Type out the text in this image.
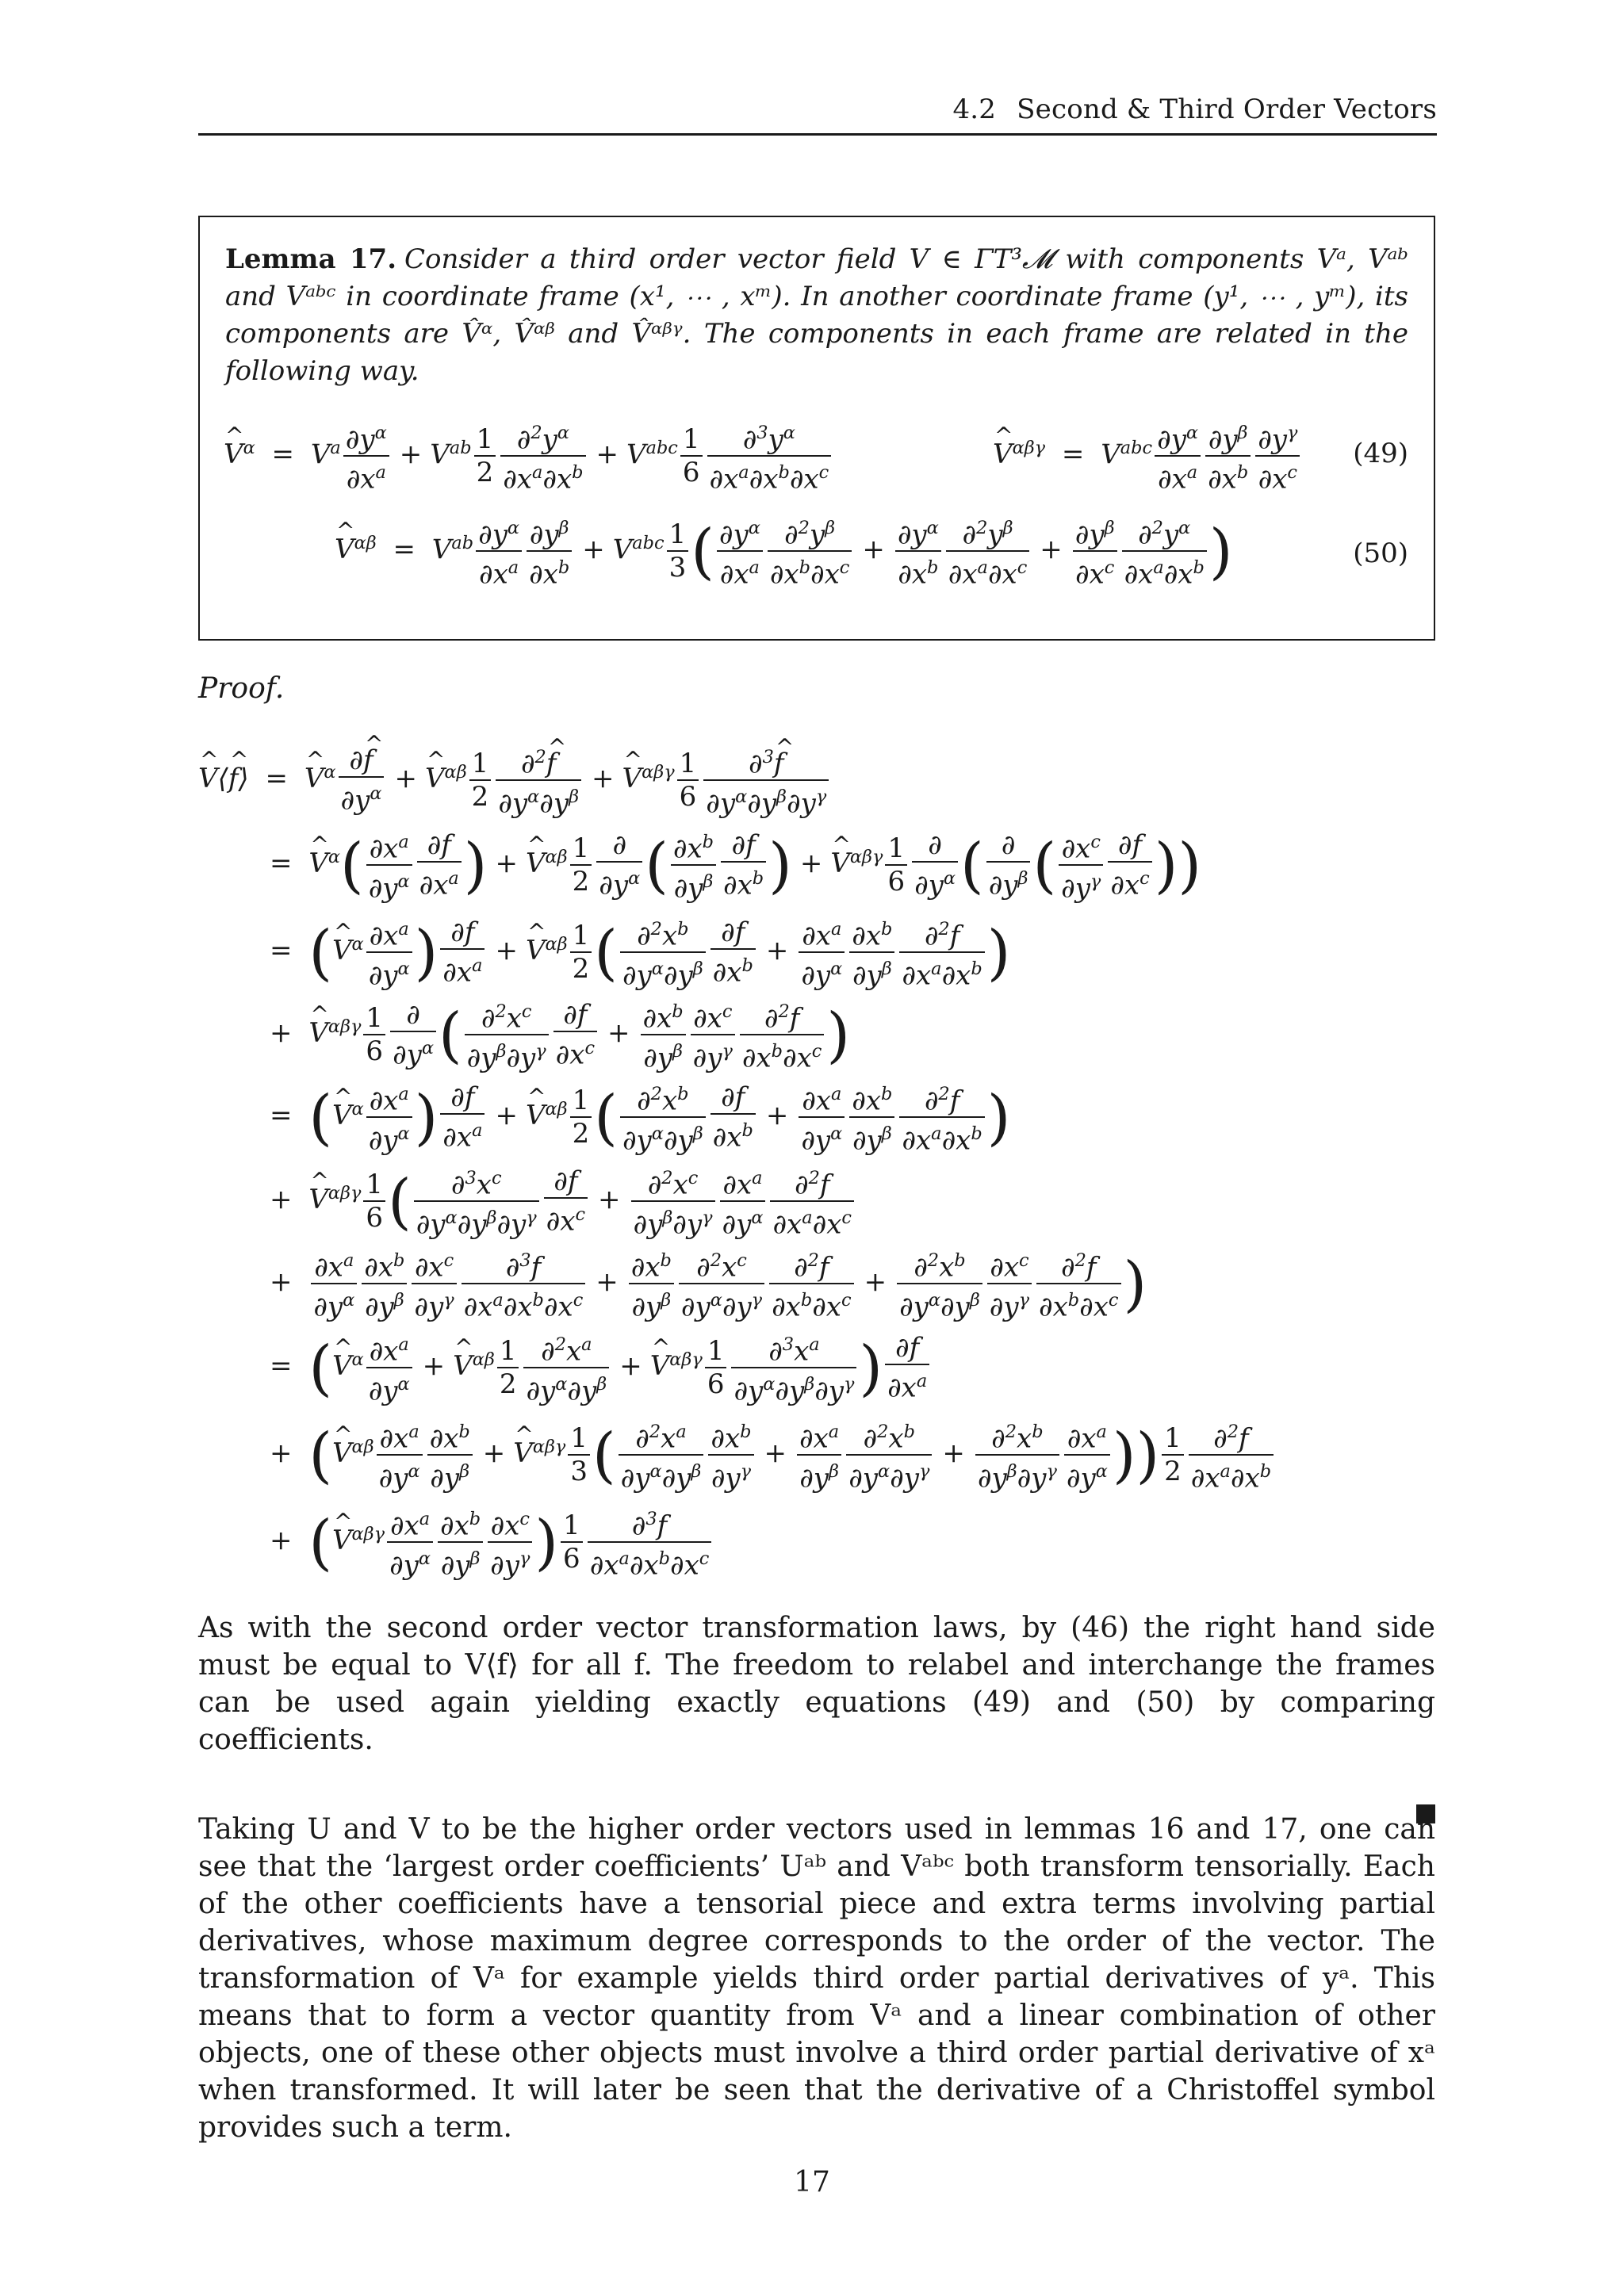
4.2 Second & Third Order Vectors
Lemma 17. Consider a third order vector field V ∈ ΓT³𝓜 with components Vᵃ, Vᵃᵇ and Vᵃᵇᶜ in coordinate frame (x¹, ⋯ , xᵐ). In another coordinate frame (y¹, ⋯ , yᵐ), its components are V̂ᵅ, V̂ᵅᵝ and V̂ᵅᵝᵞ. The components in each frame are related in the following way.
^ $V^\alpha = V^a \frac{\partial y^\alpha}{\partial x^a} + V^{ab} \frac{1}{2} \frac{\partial^2y^\alpha}{\partial x^a\partial x^b} + V^{abc} \frac{1}{6} \frac{\partial^3y^\alpha}{\partial x^a\partial x^b\partial x^c}$	^ $V^{\alpha\beta\gamma} = V^{abc} \frac{\partial y^\alpha}{\partial x^a} \frac{\partial y^\beta}{\partial x^b} \frac{\partial y^\gamma}{\partial x^c} (49)$
^ $V^{\alpha\beta} = V^{ab} \frac{\partial y^\alpha}{\partial x^a} \frac{\partial y^\beta}{\partial x^b} + V^{abc} \frac{1}{3}$ ( $\frac{\partial y^\alpha}{\partial x^a} \frac{\partial^2y^\beta}{\partial x^b\partial x^c} + \frac{\partial y^\alpha}{\partial x^b} \frac{\partial^2y^\beta}{\partial x^a\partial x^c} + \frac{\partial y^\beta}{\partial x^c} \frac{\partial^2y^\alpha}{\partial x^a\partial x^b}$ )	(50)
Proof.
^ V⟨^ f⟩ = ^ $V^\alpha \frac{\partial\^{} f}{\partial y^\alpha}$ + ^ $V^{\alpha\beta} \frac{1}{2} \frac{\partial^2\^{} f}{\partial y^\alpha\partial y^\beta}$ + ^ $V^{\alpha\beta\gamma} \frac{1}{6} \frac{\partial^3\^{} f}{\partial y^\alpha\partial y^\beta\partial y^\gamma}$
= ^ $V^\alpha( \frac{\partial x^a}{\partial y^\alpha} \frac{\partial f}{\partial x^a}$ ) + ^ $V^{\alpha\beta} \frac{1}{2} \frac{\partial}{\partial y^\alpha}$ ( $\frac{\partial x^b}{\partial y^\beta} \frac{\partial f}{\partial x^b}$ ) + ^ $V^{\alpha\beta\gamma} \frac{1}{6} \frac{\partial}{\partial y^\alpha}$ ( $\frac{\partial}{\partial y^\beta}$ ( $\frac{\partial x^c}{\partial y^\gamma} \frac{\partial f}{\partial x^c}$ ))
= (^ $V^\alpha \frac{\partial x^a}{\partial y^\alpha}$ ) $\frac{\partial f}{\partial x^a}$ + ^ $V^{\alpha\beta} \frac{1}{2}$ ( $\frac{\partial^2x^b}{\partial y^\alpha\partial y^\beta} \frac{\partial f}{\partial x^b} + \frac{\partial x^a}{\partial y^\alpha} \frac{\partial x^b}{\partial y^\beta} \frac{\partial^2f}{\partial x^a\partial x^b}$ )
+ ^ $V^{\alpha\beta\gamma} \frac{1}{6} \frac{\partial}{\partial y^\alpha}$ ( $\frac{\partial^2x^c}{\partial y^\beta\partial y^\gamma} \frac{\partial f}{\partial x^c} + \frac{\partial x^b}{\partial y^\beta} \frac{\partial x^c}{\partial y^\gamma} \frac{\partial^2f}{\partial x^b\partial x^c}$ )
= (^ $V^\alpha \frac{\partial x^a}{\partial y^\alpha}$ ) $\frac{\partial f}{\partial x^a}$ + ^ $V^{\alpha\beta} \frac{1}{2}$ ( $\frac{\partial^2x^b}{\partial y^\alpha\partial y^\beta} \frac{\partial f}{\partial x^b} + \frac{\partial x^a}{\partial y^\alpha} \frac{\partial x^b}{\partial y^\beta} \frac{\partial^2f}{\partial x^a\partial x^b}$ )
+ ^ $V^{\alpha\beta\gamma} \frac{1}{6}$ ( $\frac{\partial^3x^c}{\partial y^\alpha\partial y^\beta\partial y^\gamma} \frac{\partial f}{\partial x^c} + \frac{\partial^2x^c}{\partial y^\beta\partial y^\gamma} \frac{\partial x^a}{\partial y^\alpha} \frac{\partial^2f}{\partial x^a\partial x^c}$
+ $\frac{\partial x^a}{\partial y^\alpha} \frac{\partial x^b}{\partial y^\beta} \frac{\partial x^c}{\partial y^\gamma} \frac{\partial^3f}{\partial x^a\partial x^b\partial x^c} + \frac{\partial x^b}{\partial y^\beta} \frac{\partial^2x^c}{\partial y^\alpha\partial y^\gamma} \frac{\partial^2f}{\partial x^b\partial x^c} + \frac{\partial^2x^b}{\partial y^\alpha\partial y^\beta} \frac{\partial x^c}{\partial y^\gamma} \frac{\partial^2f}{\partial x^b\partial x^c}$ )
= (^ $V^\alpha \frac{\partial x^a}{\partial y^\alpha}$ + ^ $V^{\alpha\beta} \frac{1}{2} \frac{\partial^2x^a}{\partial y^\alpha\partial y^\beta}$ + ^ $V^{\alpha\beta\gamma} \frac{1}{6} \frac{\partial^3x^a}{\partial y^\alpha\partial y^\beta\partial y^\gamma}$ ) $\frac{\partial f}{\partial x^a}$
+ (^ $V^{\alpha\beta} \frac{\partial x^a}{\partial y^\alpha} \frac{\partial x^b}{\partial y^\beta}$ + ^ $V^{\alpha\beta\gamma} \frac{1}{3}$ ( $\frac{\partial^2x^a}{\partial y^\alpha\partial y^\beta} \frac{\partial x^b}{\partial y^\gamma} + \frac{\partial x^a}{\partial y^\beta} \frac{\partial^2x^b}{\partial y^\alpha\partial y^\gamma} + \frac{\partial^2x^b}{\partial y^\beta\partial y^\gamma} \frac{\partial x^a}{\partial y^\alpha}$ )) $\frac{1}{2} \frac{\partial^2f}{\partial x^a\partial x^b}$
+ (^ $V^{\alpha\beta\gamma} \frac{\partial x^a}{\partial y^\alpha} \frac{\partial x^b}{\partial y^\beta} \frac{\partial x^c}{\partial y^\gamma}$ ) $\frac{1}{6} \frac{\partial^3f}{\partial x^a\partial x^b\partial x^c}$
As with the second order vector transformation laws, by (46) the right hand side must be equal to V⟨f⟩ for all f. The freedom to relabel and interchange the frames can be used again yielding exactly equations (49) and (50) by comparing coefficients.
Taking U and V to be the higher order vectors used in lemmas 16 and 17, one can see that the ‘largest order coefficients’ Uᵃᵇ and Vᵃᵇᶜ both transform tensorially. Each of the other coefficients have a tensorial piece and extra terms involving partial derivatives, whose maximum degree corresponds to the order of the vector. The transformation of Vᵃ for example yields third order partial derivatives of yᵃ. This means that to form a vector quantity from Vᵃ and a linear combination of other objects, one of these other objects must involve a third order partial derivative of xᵃ when transformed. It will later be seen that the derivative of a Christoffel symbol provides such a term.
17
